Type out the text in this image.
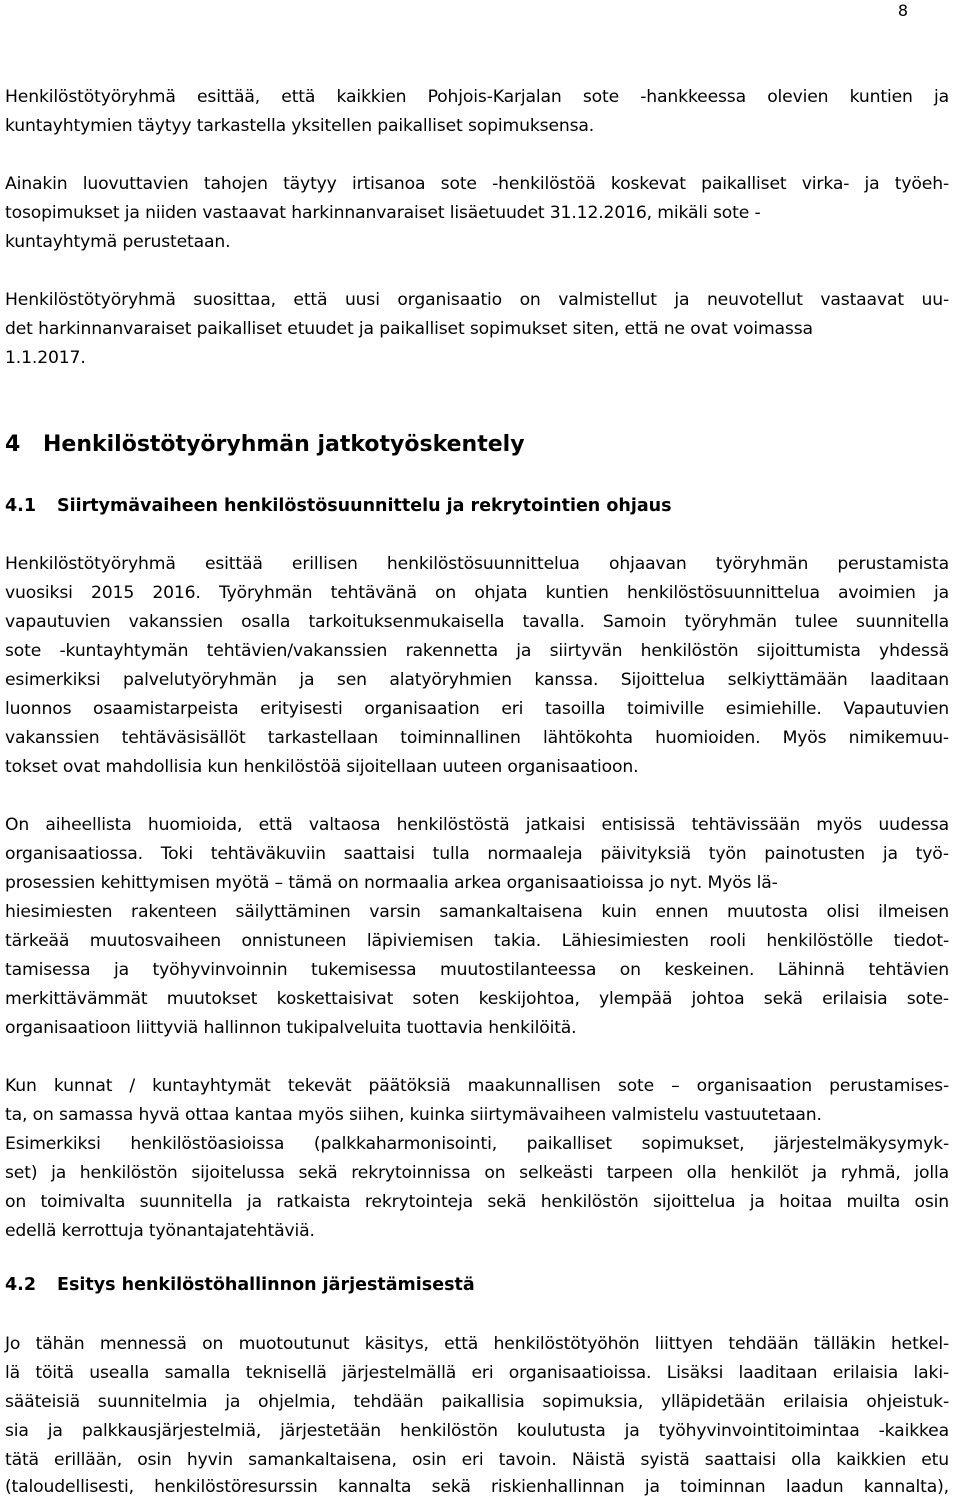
8
Henkilöstötyöryhmä esittää, että kaikkien Pohjois-Karjalan sote -hankkeessa olevien kuntien ja
kuntayhtymien täytyy tarkastella yksitellen paikalliset sopimuksensa.
Ainakin luovuttavien tahojen täytyy irtisanoa sote -henkilöstöä koskevat paikalliset virka- ja työeh-
tosopimukset ja niiden vastaavat harkinnanvaraiset lisäetuudet 31.12.2016, mikäli sote -
kuntayhtymä perustetaan.
Henkilöstötyöryhmä suosittaa, että uusi organisaatio on valmistellut ja neuvotellut vastaavat uu-
det harkinnanvaraiset paikalliset etuudet ja paikalliset sopimukset siten, että ne ovat voimassa
1.1.2017.
4 Henkilöstötyöryhmän jatkotyöskentely
4.1 Siirtymävaiheen henkilöstösuunnittelu ja rekrytointien ohjaus
Henkilöstötyöryhmä esittää erillisen henkilöstösuunnittelua ohjaavan työryhmän perustamista
vuosiksi 2015 2016. Työryhmän tehtävänä on ohjata kuntien henkilöstösuunnittelua avoimien ja
vapautuvien vakanssien osalla tarkoituksenmukaisella tavalla. Samoin työryhmän tulee suunnitella
sote -kuntayhtymän tehtävien/vakanssien rakennetta ja siirtyvän henkilöstön sijoittumista yhdessä
esimerkiksi palvelutyöryhmän ja sen alatyöryhmien kanssa. Sijoittelua selkiyttämään laaditaan
luonnos osaamistarpeista erityisesti organisaation eri tasoilla toimiville esimiehille. Vapautuvien
vakanssien tehtäväsisällöt tarkastellaan toiminnallinen lähtökohta huomioiden. Myös nimikemuu-
tokset ovat mahdollisia kun henkilöstöä sijoitellaan uuteen organisaatioon.
On aiheellista huomioida, että valtaosa henkilöstöstä jatkaisi entisissä tehtävissään myös uudessa
organisaatiossa. Toki tehtäväkuviin saattaisi tulla normaaleja päivityksiä työn painotusten ja työ-
prosessien kehittymisen myötä – tämä on normaalia arkea organisaatioissa jo nyt. Myös lä-
hiesimiesten rakenteen säilyttäminen varsin samankaltaisena kuin ennen muutosta olisi ilmeisen
tärkeää muutosvaiheen onnistuneen läpiviemisen takia. Lähiesimiesten rooli henkilöstölle tiedot-
tamisessa ja työhyvinvoinnin tukemisessa muutostilanteessa on keskeinen. Lähinnä tehtävien
merkittävämmät muutokset koskettaisivat soten keskijohtoa, ylempää johtoa sekä erilaisia sote-
organisaatioon liittyviä hallinnon tukipalveluita tuottavia henkilöitä.
Kun kunnat / kuntayhtymät tekevät päätöksiä maakunnallisen sote – organisaation perustamises-
ta, on samassa hyvä ottaa kantaa myös siihen, kuinka siirtymävaiheen valmistelu vastuutetaan.
Esimerkiksi henkilöstöasioissa (palkkaharmonisointi, paikalliset sopimukset, järjestelmäkysymyk-
set) ja henkilöstön sijoitelussa sekä rekrytoinnissa on selkeästi tarpeen olla henkilöt ja ryhmä, jolla
on toimivalta suunnitella ja ratkaista rekrytointeja sekä henkilöstön sijoittelua ja hoitaa muilta osin
edellä kerrottuja työnantajatehtäviä.
4.2 Esitys henkilöstöhallinnon järjestämisestä
Jo tähän mennessä on muotoutunut käsitys, että henkilöstötyöhön liittyen tehdään tälläkin hetkel-
lä töitä usealla samalla teknisellä järjestelmällä eri organisaatioissa. Lisäksi laaditaan erilaisia laki-
sääteisiä suunnitelmia ja ohjelmia, tehdään paikallisia sopimuksia, ylläpidetään erilaisia ohjeistuk-
sia ja palkkausjärjestelmiä, järjestetään henkilöstön koulutusta ja työhyvinvointitoimintaa -kaikkea
tätä erillään, osin hyvin samankaltaisena, osin eri tavoin. Näistä syistä saattaisi olla kaikkien etu
(taloudellisesti, henkilöstöresurssin kannalta sekä riskienhallinnan ja toiminnan laadun kannalta),
